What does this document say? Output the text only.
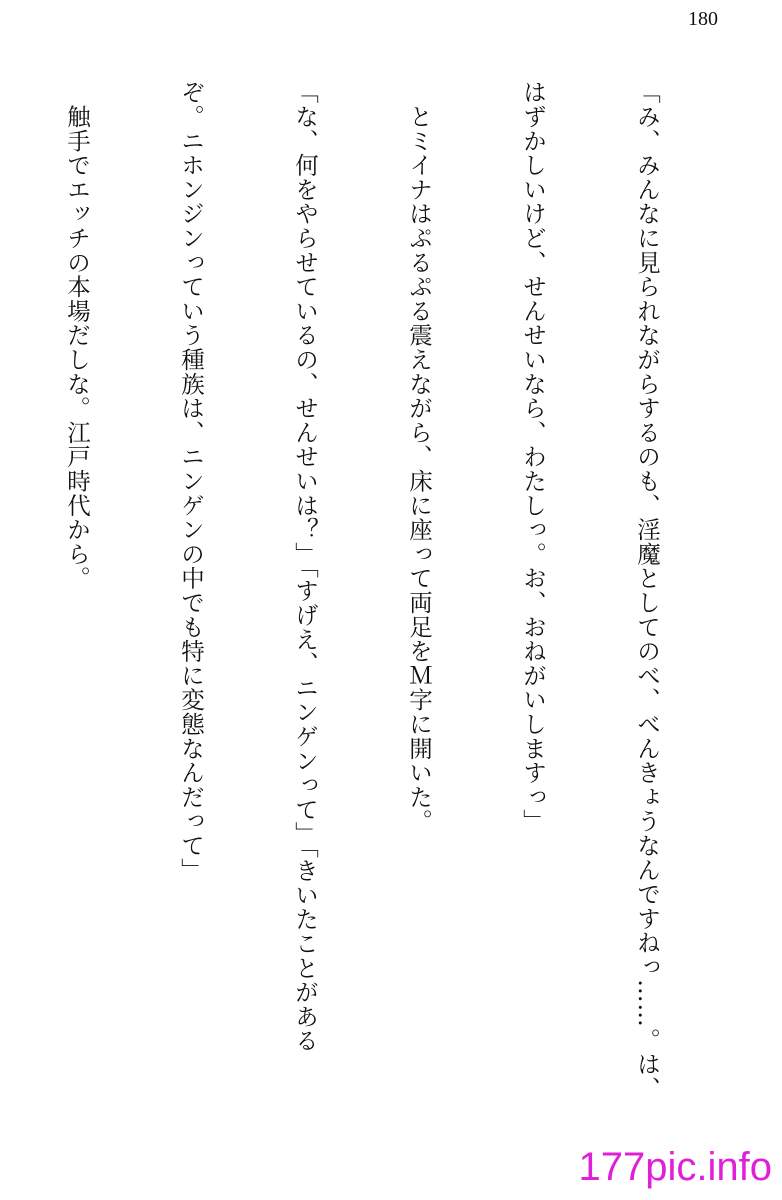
180

「み、みんなに見られながらするのも、淫魔としてのべ、べんきょうなんですねっ……。は、

はずかしいけど、せんせいなら、わたしっ。お、おねがいしますっ」

　とミイナはぷるぷる震えながら、床に座って両足をＭ字に開いた。

「な、何をやらせているの、せんせいは？」「すげえ、ニンゲンって」「きいたことがある

ぞ。ニホンジンっていう種族は、ニンゲンの中でも特に変態なんだって」

　触手でエッチの本場だしな。江戸時代から。

177pic.info
